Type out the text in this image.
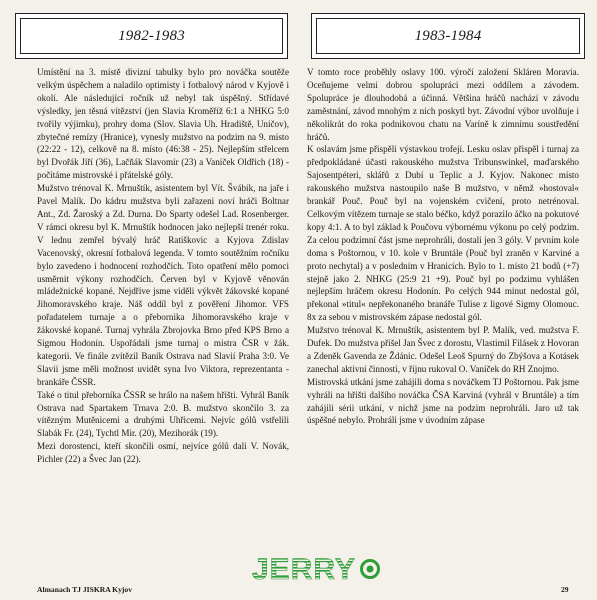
1982-1983	1983-1984

Umístění na 3. místě divizní tabulky bylo pro nováčka soutěže velkým úspěchem a naladilo optimisty i fotbalový národ v Kyjově i okolí. Ale následující ročník už nebyl tak úspěšný. Střídavé výsledky, jen těsná vítězství (jen Slavia Kroměříž 6:1 a NHKG 5:0 tvořily výjimku), prohry doma (Slov. Slavia Uh. Hradiště, Uničov), zbytečné remízy (Hranice), vynesly mužstvo na podzim na 9. místo (22:22 - 12), celkově na 8. místo (46:38 - 25). Nejlepším střelcem byl Dvořák Jiří (36), Lačňák Slavomír (23) a Vaníček Oldřich (18) - počítáme mistrovské i přátelské góly.

Mužstvo trénoval K. Mrnuštík, asistentem byl Vít. Švábík, na jaře i Pavel Malík. Do kádru mužstva byli zařazeni noví hráči Boltnar Ant., Zd. Žaroský a Zd. Durna. Do Sparty odešel Lad. Rosenberger. V rámci okresu byl K. Mrnuštík hodnocen jako nejlepší trenér roku. V lednu zemřel bývalý hráč Ratiškovic a Kyjova Zdislav Vacenovský, okresní fotbalová legenda. V tomto soutěžním ročníku bylo zavedeno i hodnocení rozhodčích. Toto opatření mělo pomoci usměrnit výkony rozhodčích. Červen byl v Kyjově věnován mládežnické kopané. Nejdříve jsme viděli výkvět žákovské kopané Jihomoravského kraje. Náš oddíl byl z pověření Jihomor. VFS pořadatelem turnaje a o přebornika Jihomoravského kraje v žákovské kopané. Turnaj vyhrála Zbrojovka Brno před KPS Brno a Sigmou Hodonín. Uspořádali jsme turnaj o mistra ČSR v žák. kategorii. Ve finále zvítězil Baník Ostrava nad Slavií Praha 3:0. Ve Slavii jsme měli možnost uvidět syna Ivo Viktora, reprezentanta - brankáře ČSSR.

Také o titul přeborníka ČSSR se hrálo na našem hřišti. Vyhrál Baník Ostrava nad Spartakem Trnava 2:0. B. mužstvo skončilo 3. za vítězným Mutěnicemi a druhými Uhřicemi. Nejvíc gólů vstřelili Slabák Fr. (24), Tychtl Mir. (20), Mezihorák (19).

Mezi dorostenci, kteří skončili osmí, nejvíce gólů dali V. Novák, Pichler (22) a Švec Jan (22).

V tomto roce proběhly oslavy 100. výročí založení Skláren Moravia. Oceňujeme velmi dobrou spolupráci mezi oddílem a závodem. Spolupráce je dlouhodobá a účinná. Většina hráčů nachází v závodu zaměstnání, závod mnohým z nich poskytl byt. Závodní výbor uvolňuje i několikrát do roka podnikovou chatu na Varíně k zimnímu soustředění hráčů.

K oslavám jsme přispěli výstavkou trofejí. Lesku oslav přispěl i turnaj za předpokládané účasti rakouského mužstva Tribunswinkel, maďarského Sajosentpéteri, sklářů z Dubí u Teplic a J. Kyjov. Nakonec místo rakouského mužstva nastoupilo naše B mužstvo, v němž »hostoval« brankář Pouč. Pouč byl na vojenském cvičení, proto netrénoval. Celkovým vítězem turnaje se stalo béčko, když porazilo áčko na pokutové kopy 4:1. A to byl základ k Poučovu výbornému výkonu po celý podzim. Za celou podzimní část jsme neprohráli, dostali jen 3 góly. V prvním kole doma s Poštornou, v 10. kole v Bruntále (Pouč byl zraněn v Karviné a proto nechytal) a v posledním v Hranicích. Bylo to 1. místo 21 bodů (+7) stejně jako 2. NHKG (25:9 21 +9). Pouč byl po podzimu vyhlášen nejlepším hráčem okresu Hodonín. Po celých 944 minut nedostal gól, překonal »titul« nepřekonaného branáře Tulise z ligové Sigmy Olomouc. 8x za sebou v mistrovském zápase nedostal gól.

Mužstvo trénoval K. Mrnuštík, asistentem byl P. Malík, ved. mužstva F. Dufek. Do mužstva přišel Jan Švec z dorostu, Vlastimil Filásek z Hovoran a Zdeněk Gavenda ze Ždánic. Odešel Leoš Spurný do Zbýšova a Kotásek zanechal aktivní činnosti, v říjnu rukoval O. Vaníček do RH Znojmo.

Mistrovská utkání jsme zahájili doma s nováčkem TJ Poštornou. Pak jsme vyhráli na hřišti dalšího nováčka ČSA Karviná (vyhrál v Bruntále) a tím zahájili sérii utkání, v nichž jsme na podzim neprohráli. Jaro už tak úspěšné nebylo. Prohráli jsme v úvodním zápase

Almanach TJ JISKRA Kyjov
JERRY
29
